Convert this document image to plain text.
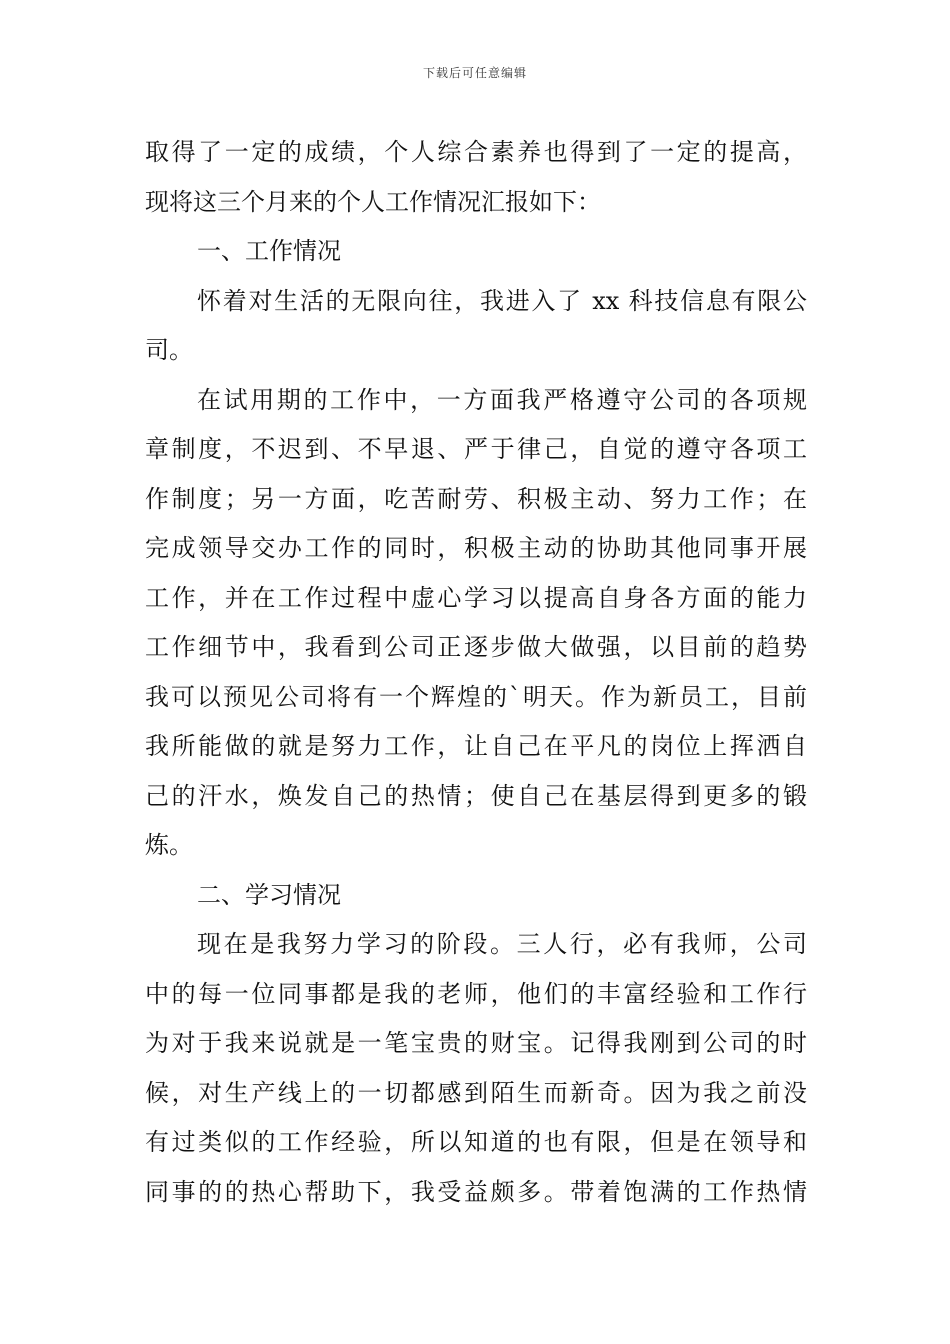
下载后可任意编辑
取得了一定的成绩，个人综合素养也得到了一定的提高，
现将这三个月来的个人工作情况汇报如下：
一、工作情况
怀着对生活的无限向往，我进入了 xx 科技信息有限公
司。
在试用期的工作中，一方面我严格遵守公司的各项规
章制度，不迟到、不早退、严于律己，自觉的遵守各项工
作制度；另一方面，吃苦耐劳、积极主动、努力工作；在
完成领导交办工作的同时，积极主动的协助其他同事开展
工作，并在工作过程中虚心学习以提高自身各方面的能力
工作细节中，我看到公司正逐步做大做强，以目前的趋势
我可以预见公司将有一个辉煌的`明天。作为新员工，目前
我所能做的就是努力工作，让自己在平凡的岗位上挥洒自
己的汗水，焕发自己的热情；使自己在基层得到更多的锻
炼。
二、学习情况
现在是我努力学习的阶段。三人行，必有我师，公司
中的每一位同事都是我的老师，他们的丰富经验和工作行
为对于我来说就是一笔宝贵的财宝。记得我刚到公司的时
候，对生产线上的一切都感到陌生而新奇。因为我之前没
有过类似的工作经验，所以知道的也有限，但是在领导和
同事的的热心帮助下，我受益颇多。带着饱满的工作热情
